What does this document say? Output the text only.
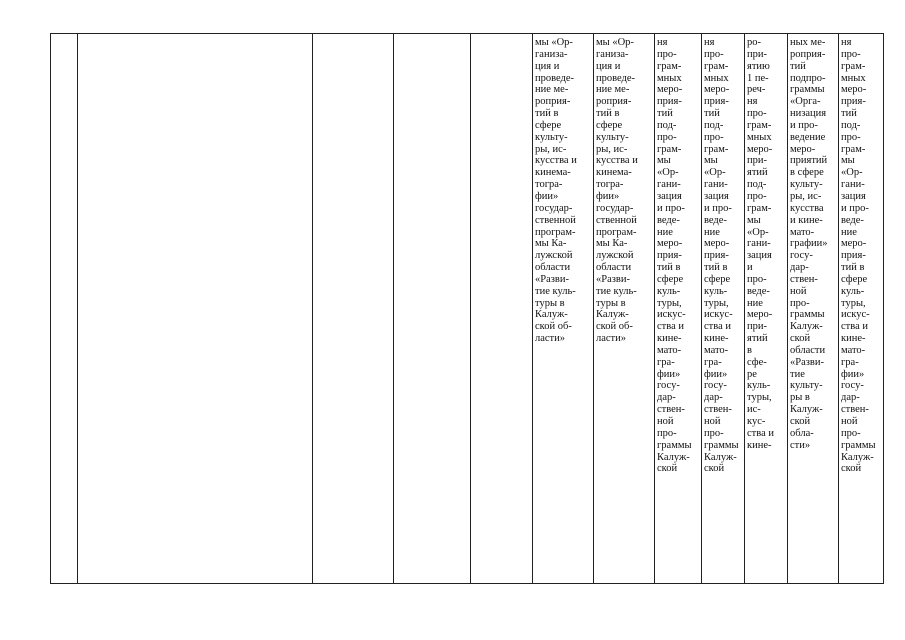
мы «Ор-
ганиза-
ция и
проведе-
ние ме-
роприя-
тий в
сфере
культу-
ры, ис-
кусства и
кинема-
тогра-
фии»
государ-
ственной
програм-
мы Ка-
лужской
области
«Разви-
тие куль-
туры в
Калуж-
ской об-
ласти»
мы «Ор-
ганиза-
ция и
проведе-
ние ме-
роприя-
тий в
сфере
культу-
ры, ис-
кусства и
кинема-
тогра-
фии»
государ-
ственной
програм-
мы Ка-
лужской
области
«Разви-
тие куль-
туры в
Калуж-
ской об-
ласти»
ня
про-
грам-
мных
меро-
прия-
тий
под-
про-
грам-
мы
«Ор-
гани-
зация
и про-
веде-
ние
меро-
прия-
тий в
сфере
куль-
туры,
искус-
ства и
кине-
мато-
гра-
фии»
госу-
дар-
ствен-
ной
про-
граммы
Калуж-
ской
ня
про-
грам-
мных
меро-
прия-
тий
под-
про-
грам-
мы
«Ор-
гани-
зация
и про-
веде-
ние
меро-
прия-
тий в
сфере
куль-
туры,
искус-
ства и
кине-
мато-
гра-
фии»
госу-
дар-
ствен-
ной
про-
граммы
Калуж-
ской
ро-
при-
ятию
1 пе-
реч-
ня
про-
грам-
мных
меро-
при-
ятий
под-
про-
грам-
мы
«Ор-
гани-
зация
и
про-
веде-
ние
меро-
при-
ятий
в
сфе-
ре
куль-
туры,
ис-
кус-
ства и
кине-
ных ме-
роприя-
тий
подпро-
граммы
«Орга-
низация
и про-
ведение
меро-
приятий
в сфере
культу-
ры, ис-
кусства
и кине-
мато-
графии»
госу-
дар-
ствен-
ной
про-
граммы
Калуж-
ской
области
«Разви-
тие
культу-
ры в
Калуж-
ской
обла-
сти»
ня
про-
грам-
мных
меро-
прия-
тий
под-
про-
грам-
мы
«Ор-
гани-
зация
и про-
веде-
ние
меро-
прия-
тий в
сфере
куль-
туры,
искус-
ства и
кине-
мато-
гра-
фии»
госу-
дар-
ствен-
ной
про-
граммы
Калуж-
ской
